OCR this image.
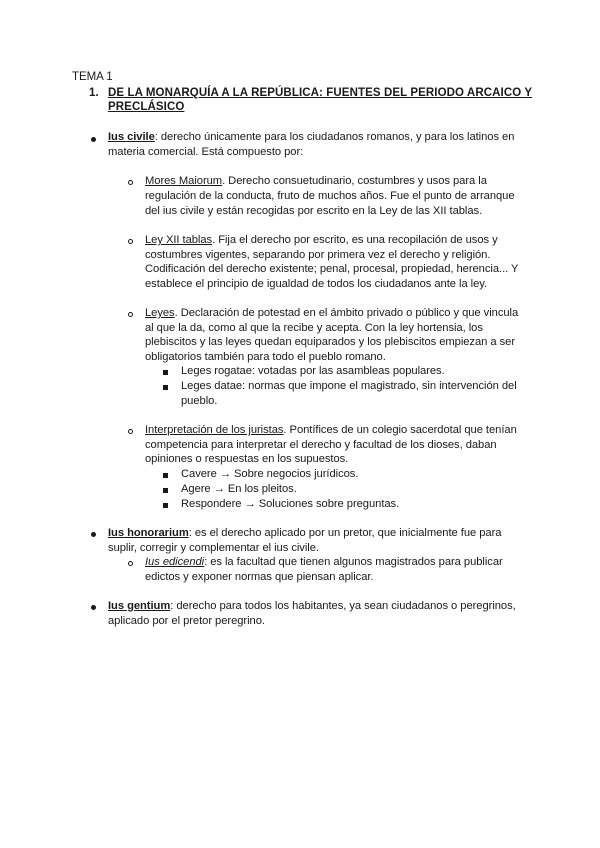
TEMA 1
1. DE LA MONARQUÍA A LA REPÚBLICA: FUENTES DEL PERIODO ARCAICO Y
PRECLÁSICO
Ius civile: derecho únicamente para los ciudadanos romanos, y para los latinos en
materia comercial. Está compuesto por:
Mores Maiorum. Derecho consuetudinario, costumbres y usos para la
regulación de la conducta, fruto de muchos años. Fue el punto de arranque
del ius civile y están recogidas por escrito en la Ley de las XII tablas.
Ley XII tablas. Fija el derecho por escrito, es una recopilación de usos y
costumbres vigentes, separando por primera vez el derecho y religión.
Codificación del derecho existente; penal, procesal, propiedad, herencia... Y
establece el principio de igualdad de todos los ciudadanos ante la ley.
Leyes. Declaración de potestad en el ámbito privado o público y que vincula
al que la da, como al que la recibe y acepta. Con la ley hortensia, los
plebiscitos y las leyes quedan equiparados y los plebiscitos empiezan a ser
obligatorios también para todo el pueblo romano.
Leges rogatae: votadas por las asambleas populares.
Leges datae: normas que impone el magistrado, sin intervención del
pueblo.
Interpretación de los juristas. Pontífices de un colegio sacerdotal que tenían
competencia para interpretar el derecho y facultad de los dioses, daban
opiniones o respuestas en los supuestos.
Cavere → Sobre negocios jurídicos.
Agere → En los pleitos.
Respondere → Soluciones sobre preguntas.
Ius honorarium: es el derecho aplicado por un pretor, que inicialmente fue para
suplir, corregir y complementar el ius civile.
Ius edicendi: es la facultad que tienen algunos magistrados para publicar
edictos y exponer normas que piensan aplicar.
Ius gentium: derecho para todos los habitantes, ya sean ciudadanos o peregrinos,
aplicado por el pretor peregrino.
